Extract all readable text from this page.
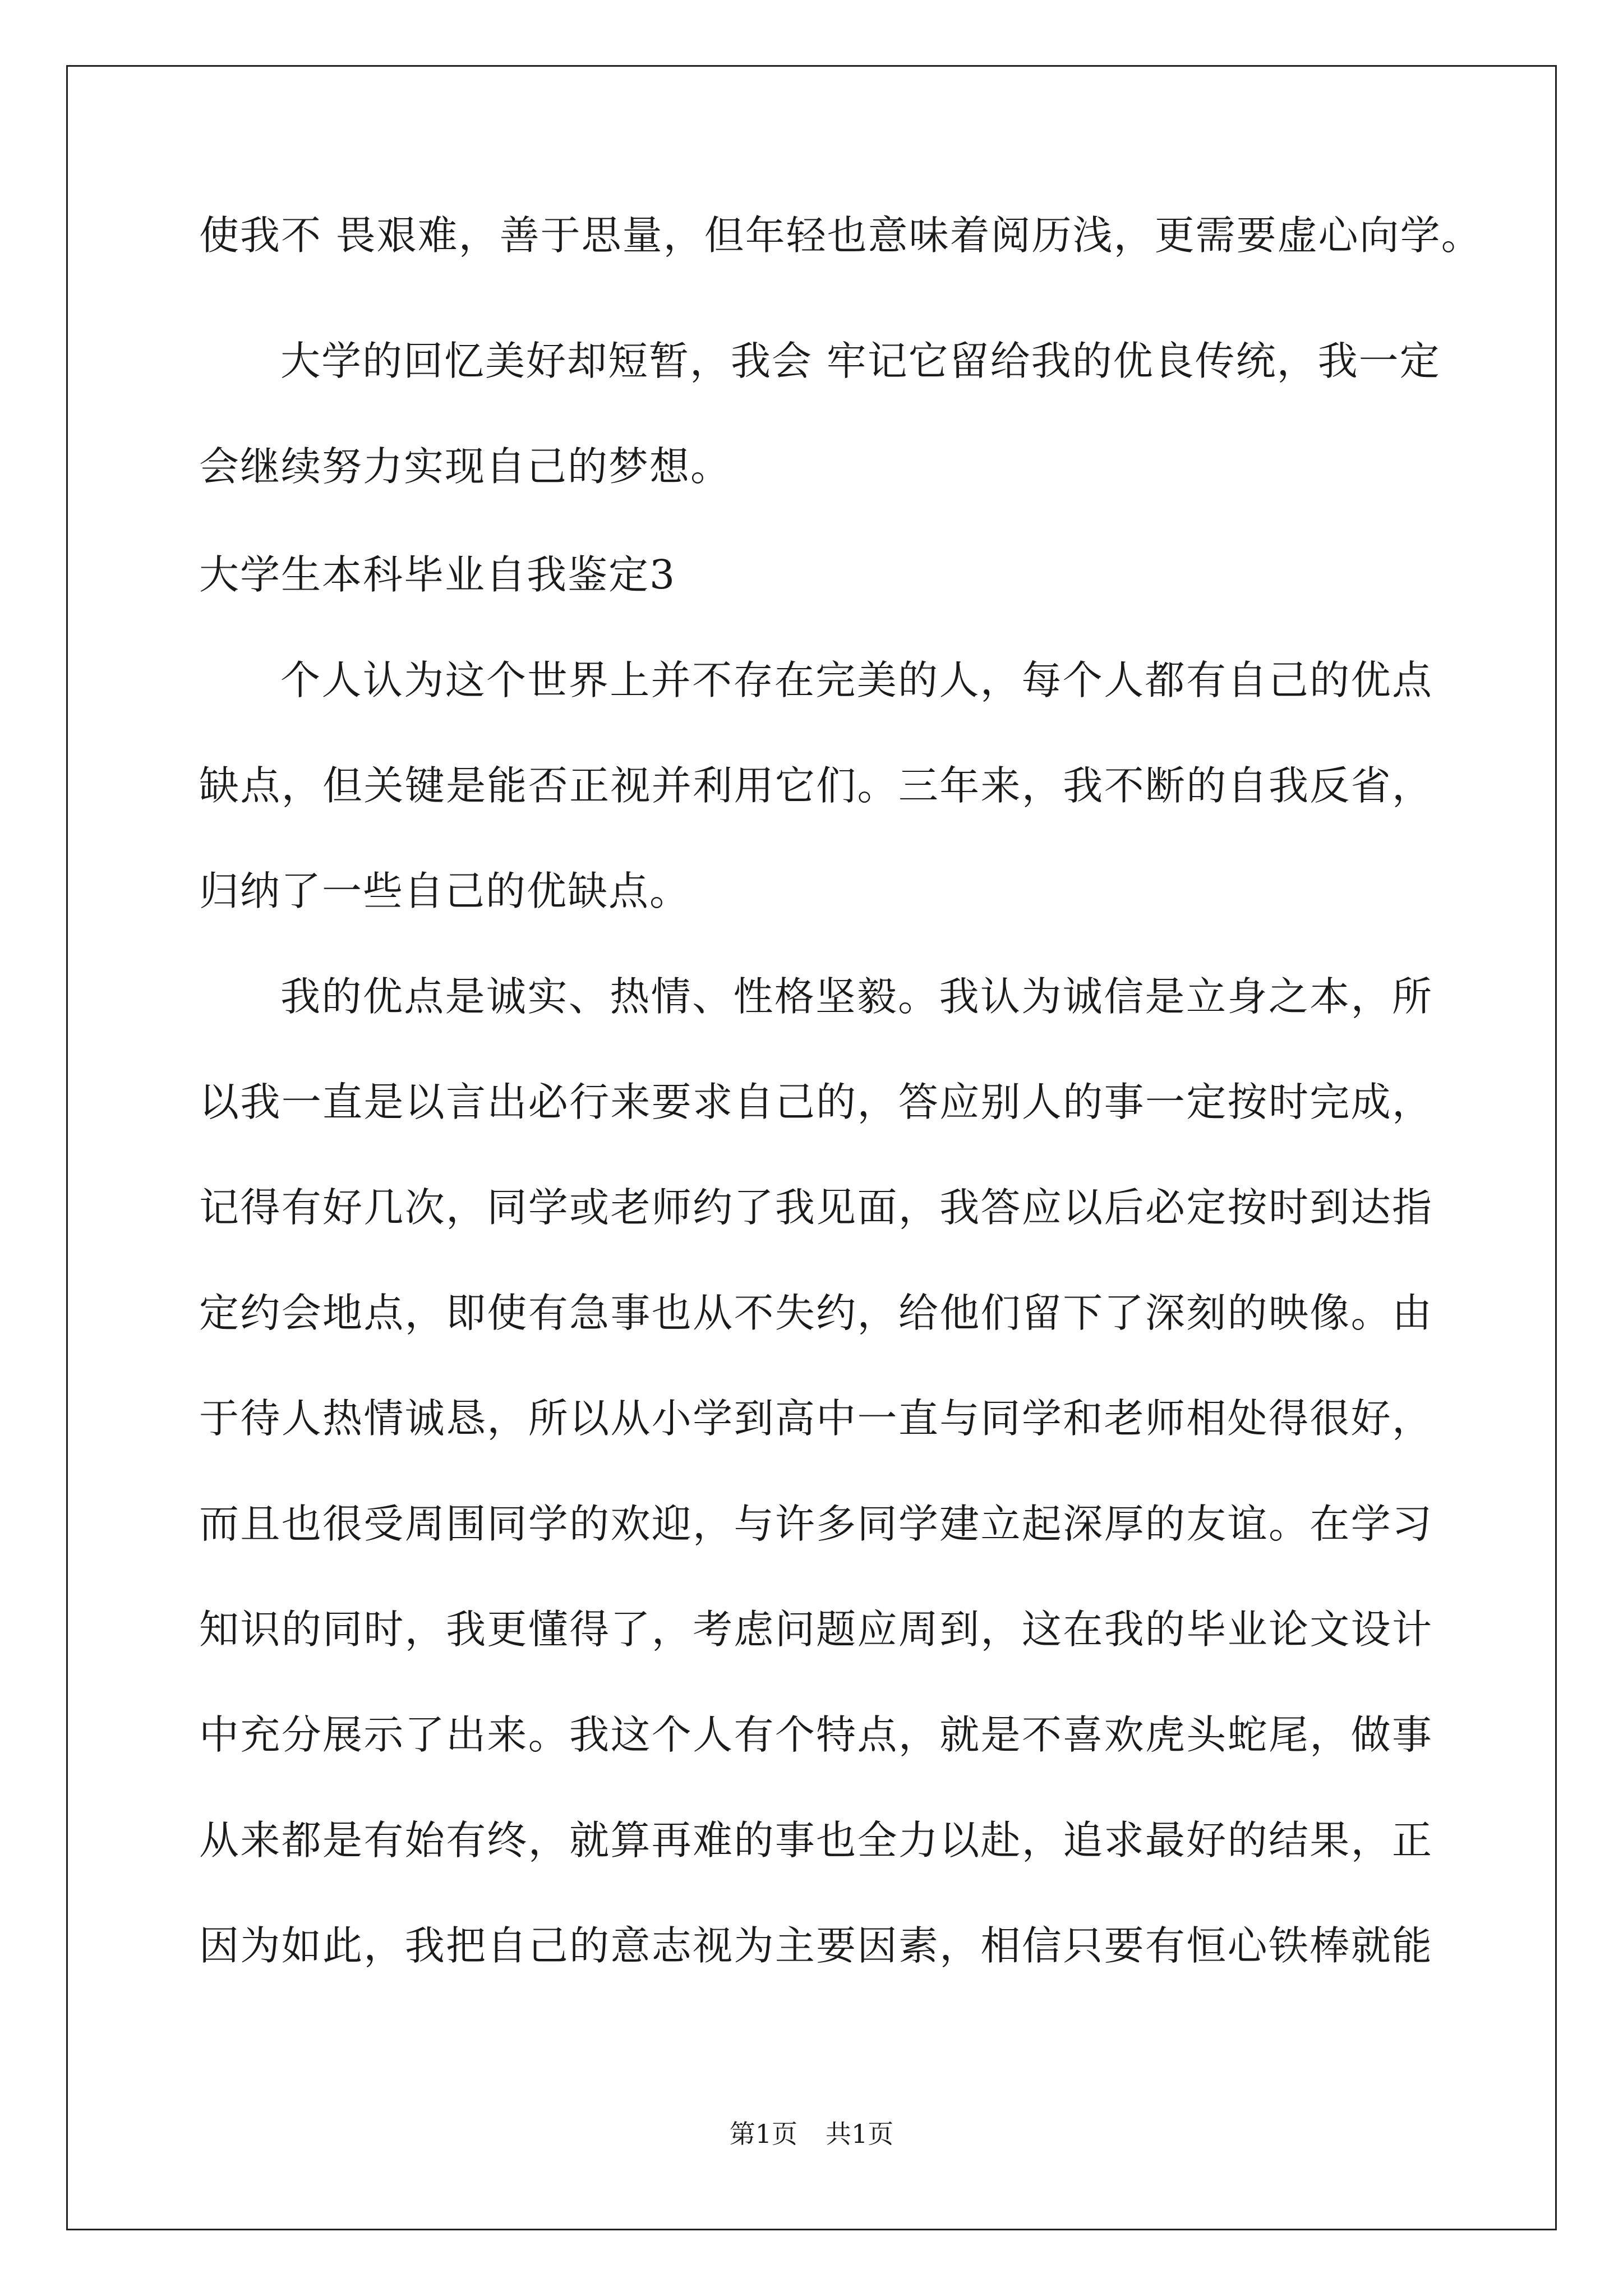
使我不 畏艰难，善于思量，但年轻也意味着阅历浅，更需要虚心向学。
大学的回忆美好却短暂，我会 牢记它留给我的优良传统，我一定
会继续努力实现自己的梦想。
大学生本科毕业自我鉴定3
个人认为这个世界上并不存在完美的人，每个人都有自己的优点
缺点，但关键是能否正视并利用它们。三年来，我不断的自我反省，
归纳了一些自己的优缺点。
我的优点是诚实、热情、性格坚毅。我认为诚信是立身之本，所
以我一直是以言出必行来要求自己的，答应别人的事一定按时完成，
记得有好几次，同学或老师约了我见面，我答应以后必定按时到达指
定约会地点，即使有急事也从不失约，给他们留下了深刻的映像。由
于待人热情诚恳，所以从小学到高中一直与同学和老师相处得很好，
而且也很受周围同学的欢迎，与许多同学建立起深厚的友谊。在学习
知识的同时，我更懂得了，考虑问题应周到，这在我的毕业论文设计
中充分展示了出来。我这个人有个特点，就是不喜欢虎头蛇尾，做事
从来都是有始有终，就算再难的事也全力以赴，追求最好的结果，正
因为如此，我把自己的意志视为主要因素，相信只要有恒心铁棒就能
第1页 共1页
